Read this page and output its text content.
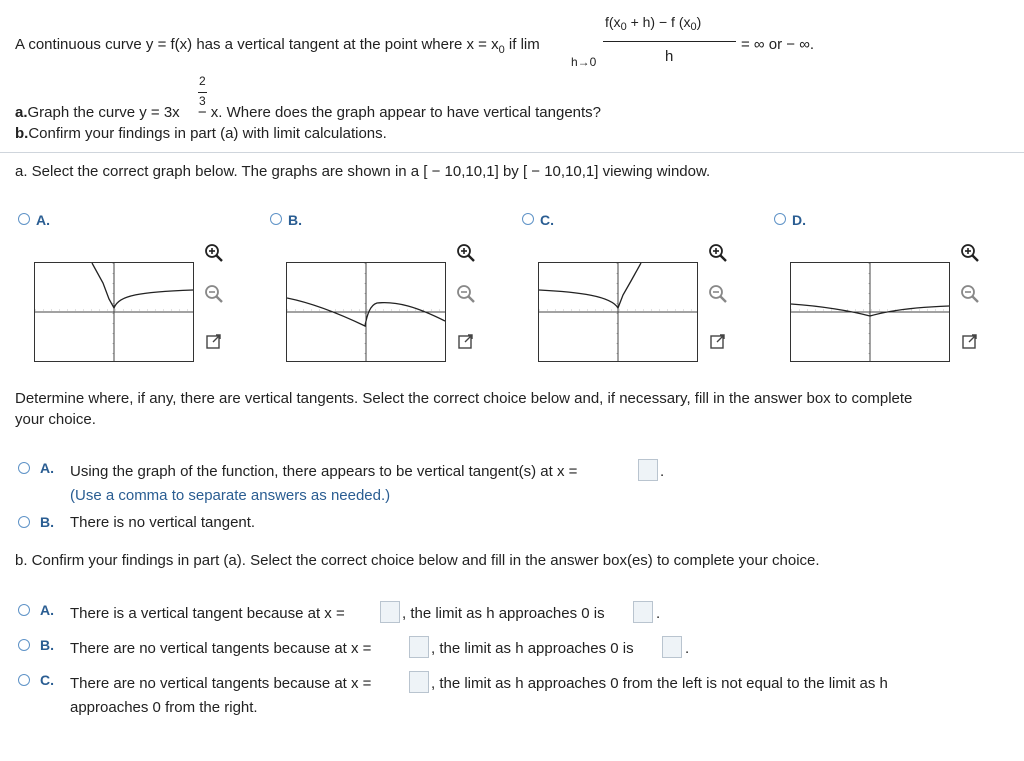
A continuous curve y = f(x) has a vertical tangent at the point where $x = x_0$ if lim
h→0
$f(x_0 + h) - f$ $(x_0)$
h
= ∞ or − ∞.
2
3
a.Graph the curve y = 3x − x. Where does the graph appear to have vertical tangents?
b.Confirm your findings in part (a) with limit calculations.
a. Select the correct graph below. The graphs are shown in a [ − 10,10,1] by [ − 10,10,1] viewing window.
A.	B.	C.	D.
Determine where, if any, there are vertical tangents. Select the correct choice below and, if necessary, fill in the answer box to complete
your choice.
A. Using the graph of the function, there appears to be vertical tangent(s) at x =	.
(Use a comma to separate answers as needed.)
B. There is no vertical tangent.
b. Confirm your findings in part (a). Select the correct choice below and fill in the answer box(es) to complete your choice.
A. There is a vertical tangent because at x =	, the limit as h approaches 0 is	.
B. There are no vertical tangents because at x =	, the limit as h approaches 0 is	.
C. There are no vertical tangents because at x =	, the limit as h approaches 0 from the left is not equal to the limit as h
approaches 0 from the right.
